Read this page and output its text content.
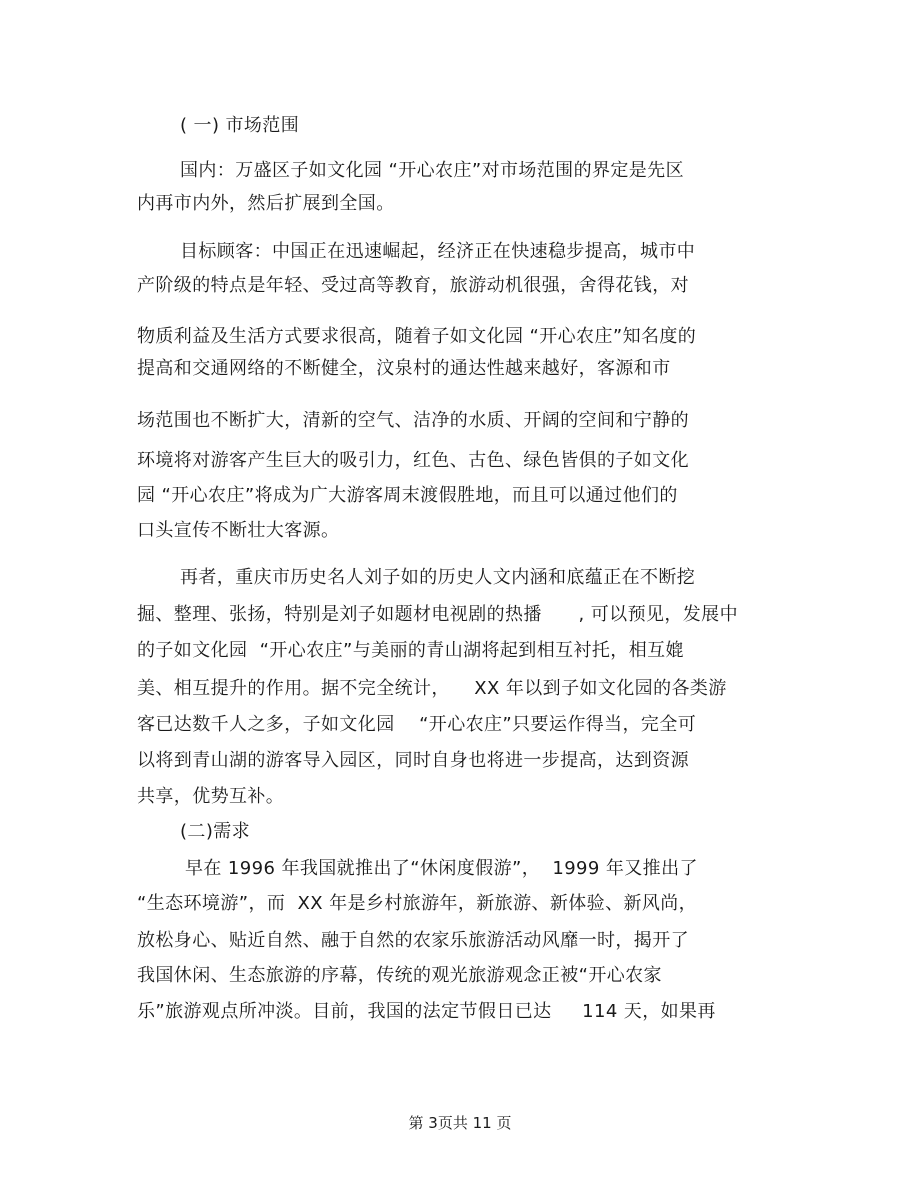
( 一) 市场范围
国内：万盛区子如文化园 “开心农庄”对市场范围的界定是先区
内再市内外，然后扩展到全国。
目标顾客：中国正在迅速崛起，经济正在快速稳步提高，城市中
产阶级的特点是年轻、受过高等教育，旅游动机很强，舍得花钱，对
物质利益及生活方式要求很高，随着子如文化园 “开心农庄”知名度的
提高和交通网络的不断健全，汶泉村的通达性越来越好，客源和市
场范围也不断扩大，清新的空气、洁净的水质、开阔的空间和宁静的
环境将对游客产生巨大的吸引力，红色、古色、绿色皆俱的子如文化
园 “开心农庄”将成为广大游客周末渡假胜地，而且可以通过他们的
口头宣传不断壮大客源。
再者，重庆市历史名人刘子如的历史人文内涵和底蕴正在不断挖
掘、整理、张扬，特别是刘子如题材电视剧的热播      , 可以预见，发展中
的子如文化园  “开心农庄”与美丽的青山湖将起到相互衬托，相互媲
美、相互提升的作用。据不完全统计，    XX 年以到子如文化园的各类游
客已达数千人之多，子如文化园    “开心农庄”只要运作得当，完全可
以将到青山湖的游客导入园区，同时自身也将进一步提高，达到资源
共享，优势互补。
(二)需求
早在 1996 年我国就推出了“休闲度假游”，  1999 年又推出了
“生态环境游”，而  XX 年是乡村旅游年，新旅游、新体验、新风尚，
放松身心、贴近自然、融于自然的农家乐旅游活动风靡一时，揭开了
我国休闲、生态旅游的序幕，传统的观光旅游观念正被“开心农家
乐”旅游观点所冲淡。目前，我国的法定节假日已达     114 天，如果再
第 3页共 11 页
